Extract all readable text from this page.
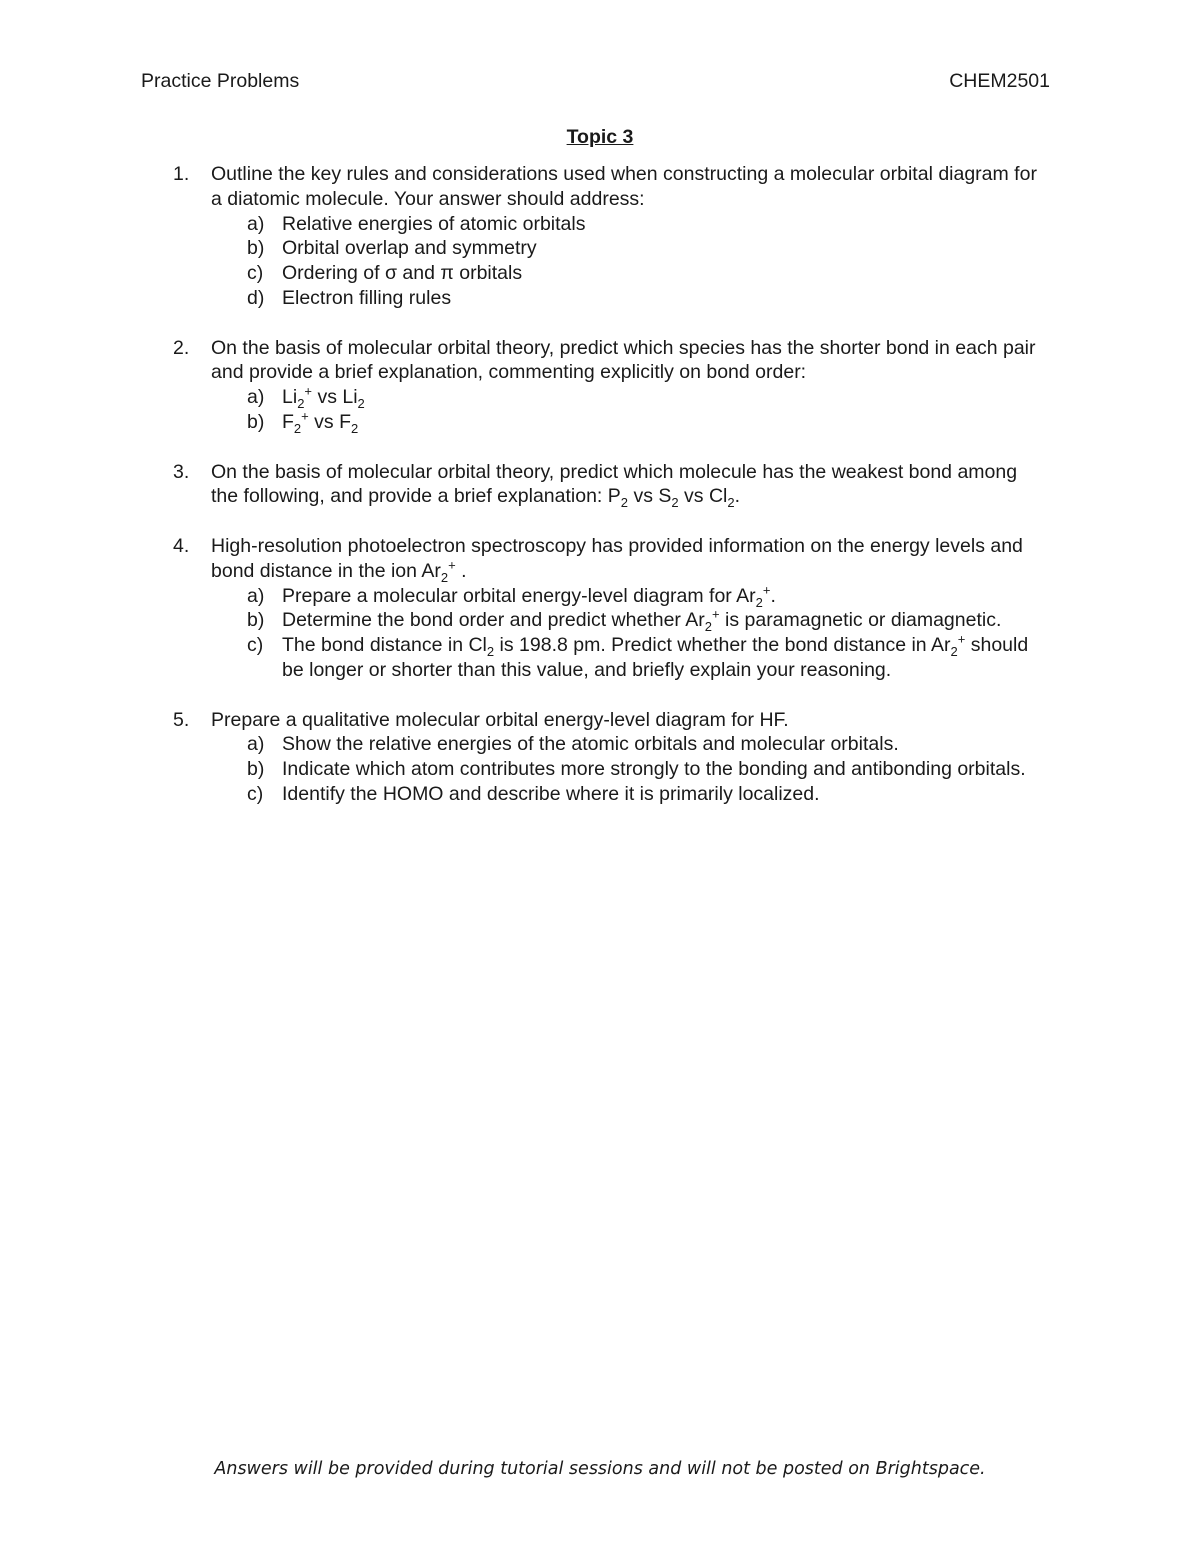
Practice Problems	CHEM2501
Topic 3
1. Outline the key rules and considerations used when constructing a molecular orbital diagram for a diatomic molecule. Your answer should address:
a) Relative energies of atomic orbitals
b) Orbital overlap and symmetry
c) Ordering of σ and π orbitals
d) Electron filling rules
2. On the basis of molecular orbital theory, predict which species has the shorter bond in each pair and provide a brief explanation, commenting explicitly on bond order:
a) $Li_2^+$ vs $Li_2$
b) $F_2^+$ vs $F_2$
3. On the basis of molecular orbital theory, predict which molecule has the weakest bond among the following, and provide a brief explanation: $P_2$ vs $S_2$ vs $Cl_2$.
4. High-resolution photoelectron spectroscopy has provided information on the energy levels and bond distance in the ion $Ar_2^+$ .
a) Prepare a molecular orbital energy-level diagram for $Ar_2^+$.
b) Determine the bond order and predict whether $Ar_2^+$ is paramagnetic or diamagnetic.
c) The bond distance in $Cl_2$ is 198.8 pm. Predict whether the bond distance in $Ar_2^+$ should be longer or shorter than this value, and briefly explain your reasoning.
5. Prepare a qualitative molecular orbital energy-level diagram for HF.
a) Show the relative energies of the atomic orbitals and molecular orbitals.
b) Indicate which atom contributes more strongly to the bonding and antibonding orbitals.
c) Identify the HOMO and describe where it is primarily localized.
Answers will be provided during tutorial sessions and will not be posted on Brightspace.
